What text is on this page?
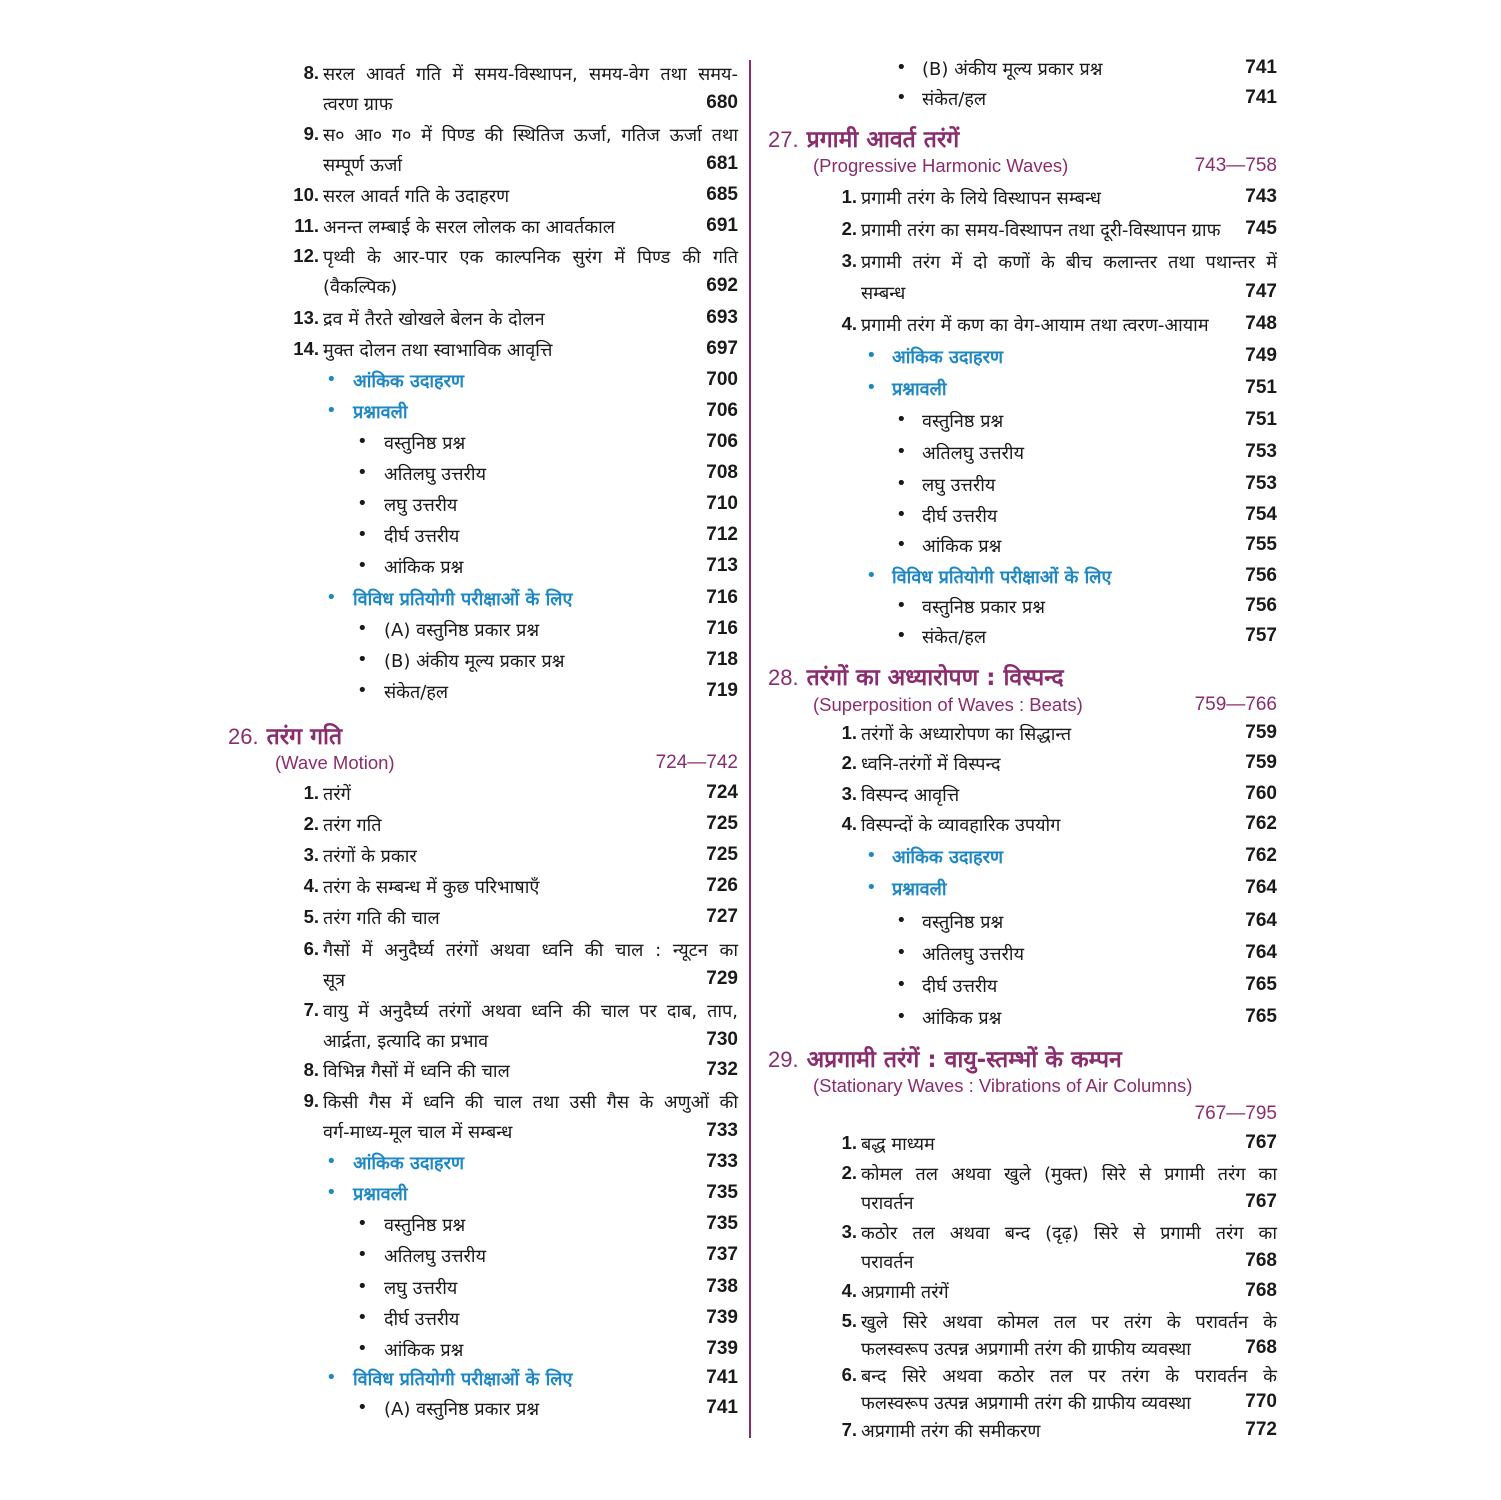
8. सरल आवर्त गति में समय-विस्थापन, समय-वेग तथा समय-
त्वरण ग्राफ	680
9. स० आ० ग० में पिण्ड की स्थितिज ऊर्जा, गतिज ऊर्जा तथा
सम्पूर्ण ऊर्जा	681
10. सरल आवर्त गति के उदाहरण	685
11. अनन्त लम्बाई के सरल लोलक का आवर्तकाल	691
12. पृथ्वी के आर-पार एक काल्पनिक सुरंग में पिण्ड की गति
(वैकल्पिक)	692
13. द्रव में तैरते खोखले बेलन के दोलन	693
14. मुक्त दोलन तथा स्वाभाविक आवृत्ति	697
• आंकिक उदाहरण	700
• प्रश्नावली	706
• वस्तुनिष्ठ प्रश्न	706
• अतिलघु उत्तरीय	708
• लघु उत्तरीय	710
• दीर्घ उत्तरीय	712
• आंकिक प्रश्न	713
• विविध प्रतियोगी परीक्षाओं के लिए	716
• (A) वस्तुनिष्ठ प्रकार प्रश्न	716
• (B) अंकीय मूल्य प्रकार प्रश्न	718
• संकेत/हल	719
26. तरंग गति
(Wave Motion)	724—742
1. तरंगें	724
2. तरंग गति	725
3. तरंगों के प्रकार	725
4. तरंग के सम्बन्ध में कुछ परिभाषाएँ	726
5. तरंग गति की चाल	727
6. गैसों में अनुदैर्घ्य तरंगों अथवा ध्वनि की चाल : न्यूटन का
सूत्र	729
7. वायु में अनुदैर्घ्य तरंगों अथवा ध्वनि की चाल पर दाब, ताप,
आर्द्रता, इत्यादि का प्रभाव	730
8. विभिन्न गैसों में ध्वनि की चाल	732
9. किसी गैस में ध्वनि की चाल तथा उसी गैस के अणुओं की
वर्ग-माध्य-मूल चाल में सम्बन्ध	733
• आंकिक उदाहरण	733
• प्रश्नावली	735
• वस्तुनिष्ठ प्रश्न	735
• अतिलघु उत्तरीय	737
• लघु उत्तरीय	738
• दीर्घ उत्तरीय	739
• आंकिक प्रश्न	739
• विविध प्रतियोगी परीक्षाओं के लिए	741
• (A) वस्तुनिष्ठ प्रकार प्रश्न	741
• (B) अंकीय मूल्य प्रकार प्रश्न	741
• संकेत/हल	741
27. प्रगामी आवर्त तरंगें
(Progressive Harmonic Waves)	743—758
1. प्रगामी तरंग के लिये विस्थापन सम्बन्ध	743
2. प्रगामी तरंग का समय-विस्थापन तथा दूरी-विस्थापन ग्राफ 745
3. प्रगामी तरंग में दो कणों के बीच कलान्तर तथा पथान्तर में
सम्बन्ध	747
4. प्रगामी तरंग में कण का वेग-आयाम तथा त्वरण-आयाम 748
• आंकिक उदाहरण	749
• प्रश्नावली	751
• वस्तुनिष्ठ प्रश्न	751
• अतिलघु उत्तरीय	753
• लघु उत्तरीय	753
• दीर्घ उत्तरीय	754
• आंकिक प्रश्न	755
• विविध प्रतियोगी परीक्षाओं के लिए	756
• वस्तुनिष्ठ प्रकार प्रश्न	756
• संकेत/हल	757
28. तरंगों का अध्यारोपण : विस्पन्द
(Superposition of Waves : Beats)	759—766
1. तरंगों के अध्यारोपण का सिद्धान्त	759
2. ध्वनि-तरंगों में विस्पन्द	759
3. विस्पन्द आवृत्ति	760
4. विस्पन्दों के व्यावहारिक उपयोग	762
• आंकिक उदाहरण	762
• प्रश्नावली	764
• वस्तुनिष्ठ प्रश्न	764
• अतिलघु उत्तरीय	764
• दीर्घ उत्तरीय	765
• आंकिक प्रश्न	765
29. अप्रगामी तरंगें : वायु-स्तम्भों के कम्पन
(Stationary Waves : Vibrations of Air Columns)
767—795
1. बद्ध माध्यम	767
2. कोमल तल अथवा खुले (मुक्त) सिरे से प्रगामी तरंग का
परावर्तन	767
3. कठोर तल अथवा बन्द (दृढ़) सिरे से प्रगामी तरंग का
परावर्तन	768
4. अप्रगामी तरंगें	768
5. खुले सिरे अथवा कोमल तल पर तरंग के परावर्तन के
फलस्वरूप उत्पन्न अप्रगामी तरंग की ग्राफीय व्यवस्था	768
6. बन्द सिरे अथवा कठोर तल पर तरंग के परावर्तन के
फलस्वरूप उत्पन्न अप्रगामी तरंग की ग्राफीय व्यवस्था	770
7. अप्रगामी तरंग की समीकरण	772
